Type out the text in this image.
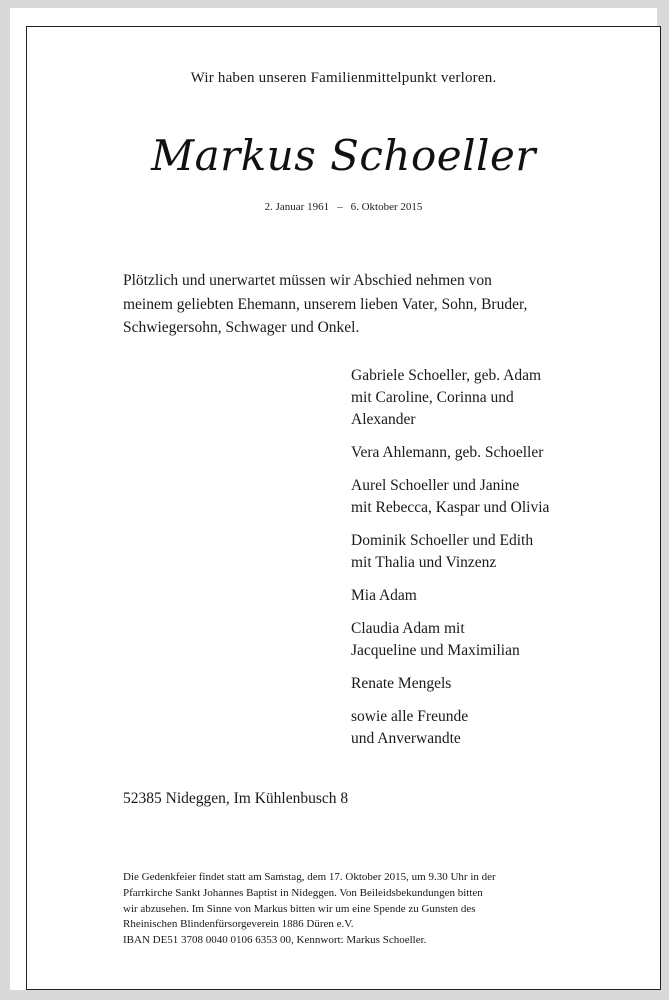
Wir haben unseren Familienmittelpunkt verloren.
Markus Schoeller
2. Januar 1961 – 6. Oktober 2015
Plötzlich und unerwartet müssen wir Abschied nehmen von
meinem geliebten Ehemann, unserem lieben Vater, Sohn, Bruder,
Schwiegersohn, Schwager und Onkel.
Gabriele Schoeller, geb. Adam
mit Caroline, Corinna und
Alexander
Vera Ahlemann, geb. Schoeller
Aurel Schoeller und Janine
mit Rebecca, Kaspar und Olivia
Dominik Schoeller und Edith
mit Thalia und Vinzenz
Mia Adam
Claudia Adam mit
Jacqueline und Maximilian
Renate Mengels
sowie alle Freunde
und Anverwandte
52385 Nideggen, Im Kühlenbusch 8
Die Gedenkfeier findet statt am Samstag, dem 17. Oktober 2015, um 9.30 Uhr in der
Pfarrkirche Sankt Johannes Baptist in Nideggen. Von Beileidsbekundungen bitten
wir abzusehen. Im Sinne von Markus bitten wir um eine Spende zu Gunsten des
Rheinischen Blindenfürsorgeverein 1886 Düren e.V.
IBAN DE51 3708 0040 0106 6353 00, Kennwort: Markus Schoeller.
